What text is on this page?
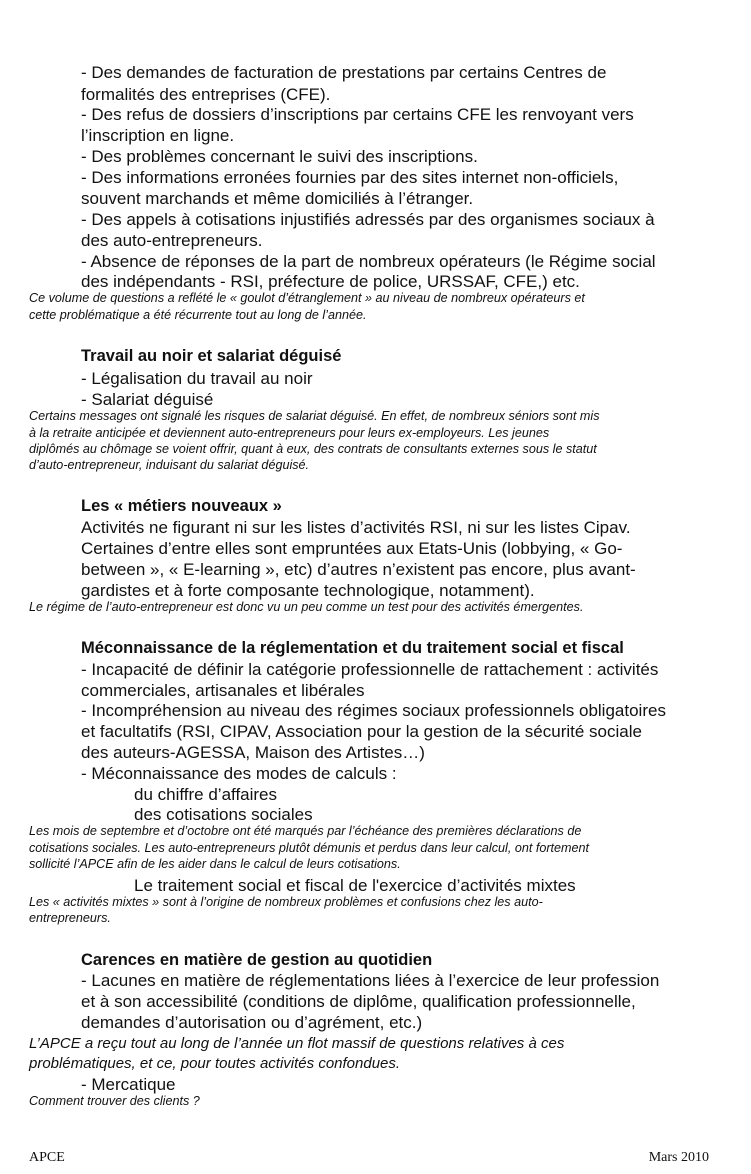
- Des demandes de facturation de prestations par certains Centres de
formalités des entreprises (CFE).
- Des refus de dossiers d’inscriptions par certains CFE les renvoyant vers
l’inscription en ligne.
- Des problèmes concernant le suivi des inscriptions.
- Des informations erronées fournies par des sites internet non-officiels,
souvent marchands et même domiciliés à l’étranger.
- Des appels à cotisations injustifiés adressés par des organismes sociaux à
des auto-entrepreneurs.
- Absence de réponses de la part de nombreux opérateurs (le Régime social
des indépendants - RSI, préfecture de police, URSSAF, CFE,) etc.
Ce volume de questions a reflété le « goulot d’étranglement » au niveau de nombreux opérateurs et
cette problématique a été récurrente tout au long de l’année.
Travail au noir et salariat déguisé
- Légalisation du travail au noir
- Salariat déguisé
Certains messages ont signalé les risques de salariat déguisé. En effet, de nombreux séniors sont mis
à la retraite anticipée et deviennent auto-entrepreneurs pour leurs ex-employeurs. Les jeunes
diplômés au chômage se voient offrir, quant à eux, des contrats de consultants externes sous le statut
d’auto-entrepreneur, induisant du salariat déguisé.
Les « métiers nouveaux »
Activités ne figurant ni sur les listes d’activités RSI, ni sur les listes Cipav.
Certaines d’entre elles sont empruntées aux Etats-Unis (lobbying, « Go-
between », « E-learning », etc) d’autres n’existent pas encore, plus avant-
gardistes et à forte composante technologique, notamment).
Le régime de l’auto-entrepreneur est donc vu un peu comme un test pour des activités émergentes.
Méconnaissance de la réglementation et du traitement social et fiscal
- Incapacité de définir la catégorie professionnelle de rattachement : activités
commerciales, artisanales et libérales
- Incompréhension au niveau des régimes sociaux professionnels obligatoires
et facultatifs (RSI, CIPAV, Association pour la gestion de la sécurité sociale
des auteurs-AGESSA, Maison des Artistes…)
- Méconnaissance des modes de calculs :
du chiffre d’affaires
des cotisations sociales
Les mois de septembre et d’octobre ont été marqués par l’échéance des premières déclarations de
cotisations sociales. Les auto-entrepreneurs plutôt démunis et perdus dans leur calcul, ont fortement
sollicité l’APCE afin de les aider dans le calcul de leurs cotisations.
Le traitement social et fiscal de l'exercice d’activités mixtes
Les « activités mixtes » sont à l’origine de nombreux problèmes et confusions chez les auto-
entrepreneurs.
Carences en matière de gestion au quotidien
- Lacunes en matière de réglementations liées à l’exercice de leur profession
et à son accessibilité (conditions de diplôme, qualification professionnelle,
demandes d’autorisation ou d’agrément, etc.)
L’APCE a reçu tout au long de l’année un flot massif de questions relatives à ces
problématiques, et ce, pour toutes activités confondues.
- Mercatique
Comment trouver des clients ?
APCE	Mars 2010
